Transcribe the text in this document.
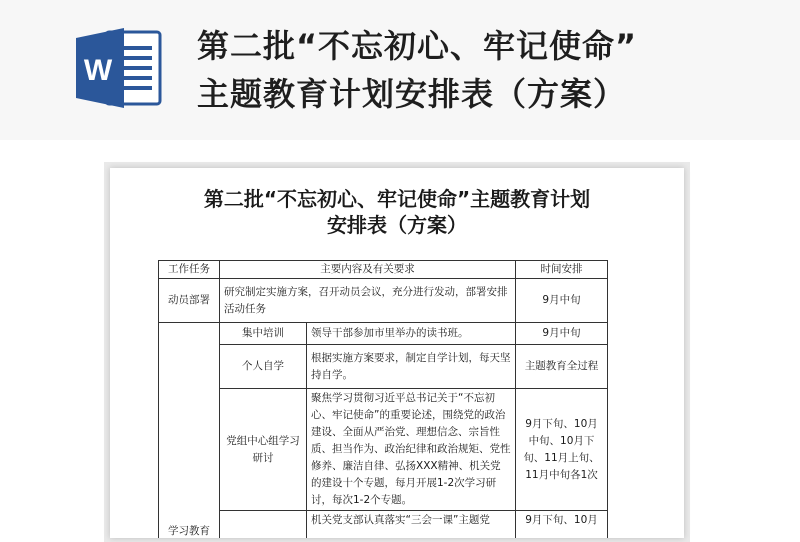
W
第二批“不忘初心、牢记使命”
主题教育计划安排表（方案）
第二批“不忘初心、牢记使命”主题教育计划
安排表（方案）
工作任务	主要内容及有关要求		时间安排
动员部署	研究制定实施方案，召开动员会议，充分进行发动，部署安排活动任务		9月中旬
学习教育	集中培训	领导干部参加市里举办的读书班。	9月中旬
	个人自学	根据实施方案要求，制定自学计划，每天坚持自学。	主题教育全过程
	党组中心组学习研讨	聚焦学习贯彻习近平总书记关于“不忘初心、牢记使命”的重要论述，围绕党的政治建设、全面从严治党、理想信念、宗旨性质、担当作为、政治纪律和政治规矩、党性修养、廉洁自律、弘扬XXX精神、机关党的建设十个专题，每月开展1-2次学习研讨，每次1-2个专题。	9月下旬、10月中旬、10月下旬、11月上旬、11月中旬各1次
		机关党支部认真落实“三会一课”主题党	9月下旬、10月
